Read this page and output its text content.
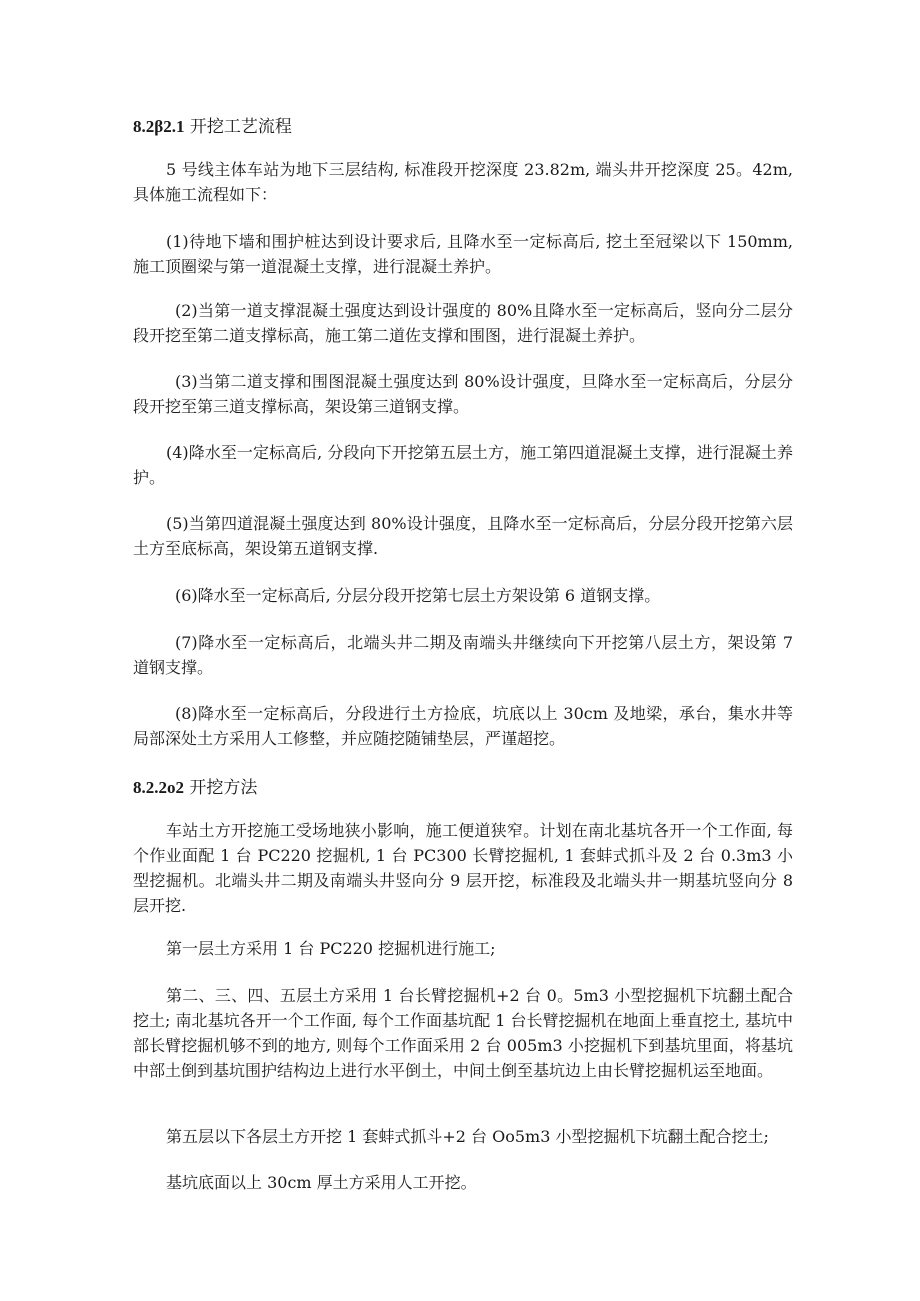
8.2β2.1 开挖工艺流程

5 号线主体车站为地下三层结构, 标准段开挖深度 23.82m, 端头井开挖深度 25。42m, 具体施工流程如下：

(1)待地下墙和围护桩达到设计要求后, 且降水至一定标高后, 挖土至冠梁以下 150mm, 施工顶圈梁与第一道混凝土支撑，进行混凝土养护。

(2)当第一道支撑混凝土强度达到设计强度的 80%且降水至一定标高后，竖向分二层分段开挖至第二道支撑标高，施工第二道佐支撑和围图，进行混凝土养护。

(3)当第二道支撑和围图混凝土强度达到 80%设计强度，旦降水至一定标高后，分层分段开挖至第三道支撑标高，架设第三道钢支撑。

(4)降水至一定标高后, 分段向下开挖第五层土方，施工第四道混凝土支撑，进行混凝土养护。

(5)当第四道混凝土强度达到 80%设计强度，且降水至一定标高后，分层分段开挖第六层土方至底标高，架设第五道钢支撑.

(6)降水至一定标高后, 分层分段开挖第七层土方架设第 6 道钢支撑。

(7)降水至一定标高后，北端头井二期及南端头井继续向下开挖第八层土方，架设第 7 道钢支撑。

(8)降水至一定标高后，分段进行土方捡底，坑底以上 30cm 及地梁，承台，集水井等局部深处土方采用人工修整，并应随挖随铺垫层，严谨超挖。

8.2.2o2 开挖方法

车站土方开挖施工受场地狭小影响，施工便道狭窄。计划在南北基坑各开一个工作面, 每个作业面配 1 台 PC220 挖掘机, 1 台 PC300 长臂挖掘机, 1 套蚌式抓斗及 2 台 0.3m3 小型挖掘机。北端头井二期及南端头井竖向分 9 层开挖，标准段及北端头井一期基坑竖向分 8 层开挖.

第一层土方采用 1 台 PC220 挖掘机进行施工;

第二、三、四、五层土方采用 1 台长臂挖掘机+2 台 0。5m3 小型挖掘机下坑翻土配合挖土; 南北基坑各开一个工作面, 每个工作面基坑配 1 台长臂挖掘机在地面上垂直挖土, 基坑中部长臂挖掘机够不到的地方, 则每个工作面采用 2 台 005m3 小挖掘机下到基坑里面，将基坑中部土倒到基坑围护结构边上进行水平倒土，中间土倒至基坑边上由长臂挖掘机运至地面。

第五层以下各层土方开挖 1 套蚌式抓斗+2 台 Oo5m3 小型挖掘机下坑翻土配合挖土;

基坑底面以上 30cm 厚土方采用人工开挖。
